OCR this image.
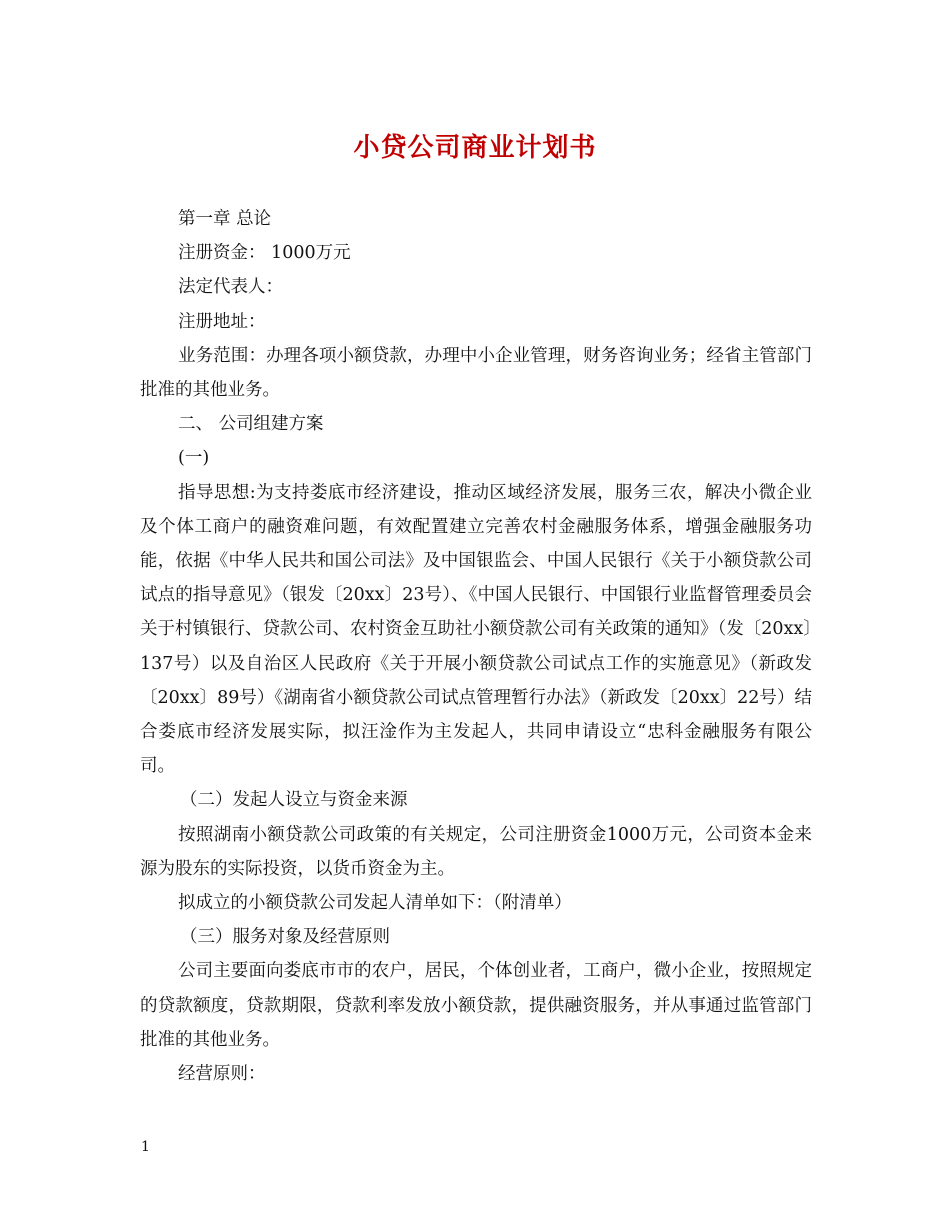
小贷公司商业计划书

第一章 总论

注册资金： 1000万元

法定代表人：

注册地址：

业务范围：办理各项小额贷款，办理中小企业管理，财务咨询业务；经省主管部门批准的其他业务。

二、 公司组建方案

(一)

指导思想:为支持娄底市经济建设，推动区域经济发展，服务三农，解决小微企业及个体工商户的融资难问题，有效配置建立完善农村金融服务体系，增强金融服务功能，依据《中华人民共和国公司法》及中国银监会、中国人民银行《关于小额贷款公司试点的指导意见》（银发〔20xx〕23号）、《中国人民银行、中国银行业监督管理委员会关于村镇银行、贷款公司、农村资金互助社小额贷款公司有关政策的通知》（发〔20xx〕137号）以及自治区人民政府《关于开展小额贷款公司试点工作的实施意见》（新政发〔20xx〕89号）《湖南省小额贷款公司试点管理暂行办法》（新政发〔20xx〕22号）结合娄底市经济发展实际，拟汪淦作为主发起人，共同申请设立“忠科金融服务有限公司。

（二）发起人设立与资金来源

按照湖南小额贷款公司政策的有关规定，公司注册资金1000万元，公司资本金来源为股东的实际投资，以货币资金为主。

拟成立的小额贷款公司发起人清单如下：（附清单）

（三）服务对象及经营原则

公司主要面向娄底市市的农户，居民，个体创业者，工商户，微小企业，按照规定的贷款额度，贷款期限，贷款利率发放小额贷款，提供融资服务，并从事通过监管部门批准的其他业务。

经营原则：

1
